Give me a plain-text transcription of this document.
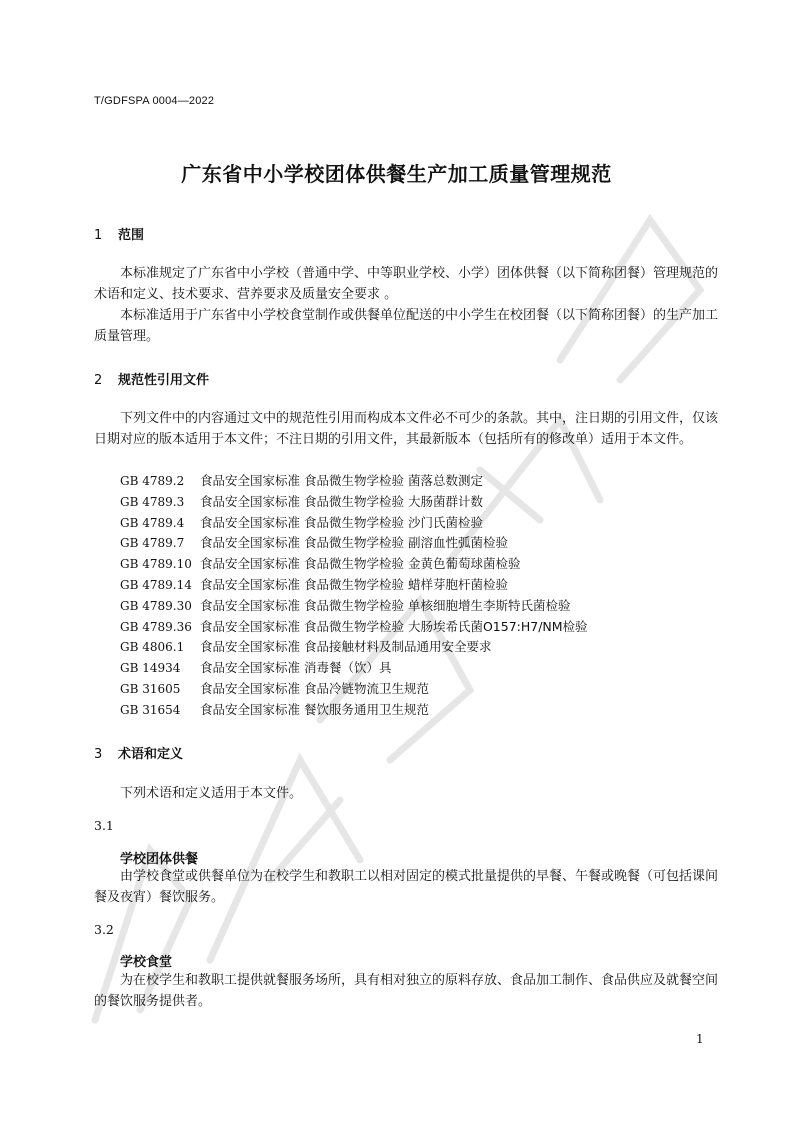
T/GDFSPA 0004—2022
广东省中小学校团体供餐生产加工质量管理规范
1 范围
本标准规定了广东省中小学校（普通中学、中等职业学校、小学）团体供餐（以下简称团餐）管理规范的术语和定义、技术要求、营养要求及质量安全要求 。
本标准适用于广东省中小学校食堂制作或供餐单位配送的中小学生在校团餐（以下简称团餐）的生产加工质量管理。
2 规范性引用文件
下列文件中的内容通过文中的规范性引用而构成本文件必不可少的条款。其中，注日期的引用文件，仅该日期对应的版本适用于本文件；不注日期的引用文件，其最新版本（包括所有的修改单）适用于本文件。
GB 4789.2 食品安全国家标准 食品微生物学检验 菌落总数测定
GB 4789.3 食品安全国家标准 食品微生物学检验 大肠菌群计数
GB 4789.4 食品安全国家标准 食品微生物学检验 沙门氏菌检验
GB 4789.7 食品安全国家标准 食品微生物学检验 副溶血性弧菌检验
GB 4789.10 食品安全国家标准 食品微生物学检验 金黄色葡萄球菌检验
GB 4789.14 食品安全国家标准 食品微生物学检验 蜡样芽胞杆菌检验
GB 4789.30 食品安全国家标准 食品微生物学检验 单核细胞增生李斯特氏菌检验
GB 4789.36 食品安全国家标准 食品微生物学检验 大肠埃希氏菌O157:H7/NM检验
GB 4806.1 食品安全国家标准 食品接触材料及制品通用安全要求
GB 14934 食品安全国家标准 消毒餐（饮）具
GB 31605 食品安全国家标准 食品冷链物流卫生规范
GB 31654 食品安全国家标准 餐饮服务通用卫生规范
3 术语和定义
下列术语和定义适用于本文件。
3.1
学校团体供餐
由学校食堂或供餐单位为在校学生和教职工以相对固定的模式批量提供的早餐、午餐或晚餐（可包括课间餐及夜宵）餐饮服务。
3.2
学校食堂
为在校学生和教职工提供就餐服务场所，具有相对独立的原料存放、食品加工制作、食品供应及就餐空间的餐饮服务提供者。
1
